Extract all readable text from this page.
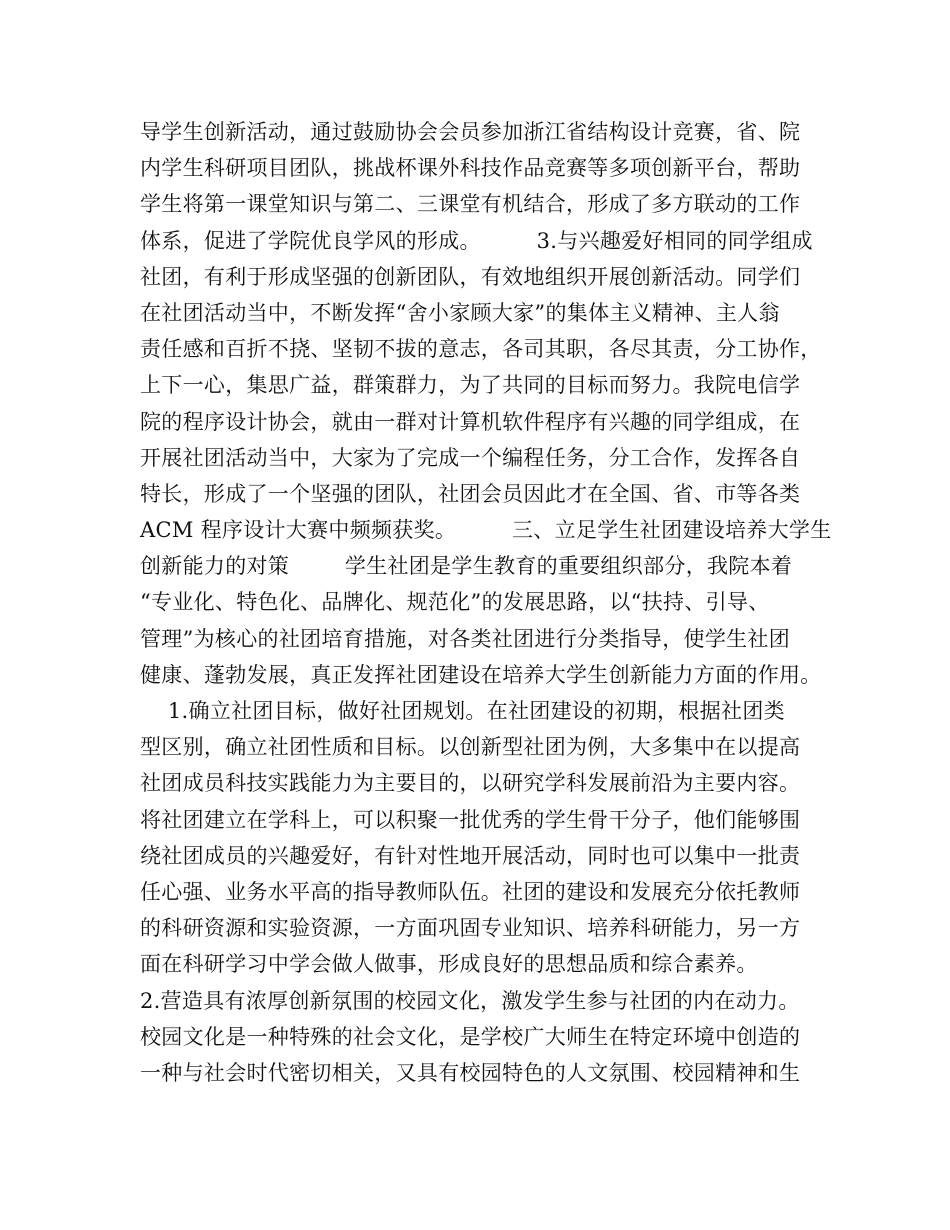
导学生创新活动，通过鼓励协会会员参加浙江省结构设计竞赛，省、院
内学生科研项目团队，挑战杯课外科技作品竞赛等多项创新平台，帮助
学生将第一课堂知识与第二、三课堂有机结合，形成了多方联动的工作
体系，促进了学院优良学风的形成。        3.与兴趣爱好相同的同学组成
社团，有利于形成坚强的创新团队，有效地组织开展创新活动。同学们
在社团活动当中，不断发挥“舍小家顾大家”的集体主义精神、主人翁
责任感和百折不挠、坚韧不拔的意志，各司其职，各尽其责，分工协作，
上下一心，集思广益，群策群力，为了共同的目标而努力。我院电信学
院的程序设计协会，就由一群对计算机软件程序有兴趣的同学组成，在
开展社团活动当中，大家为了完成一个编程任务，分工合作，发挥各自
特长，形成了一个坚强的团队，社团会员因此才在全国、省、市等各类
ACM 程序设计大赛中频频获奖。        三、立足学生社团建设培养大学生
创新能力的对策        学生社团是学生教育的重要组织部分，我院本着
“专业化、特色化、品牌化、规范化”的发展思路，以“扶持、引导、
管理”为核心的社团培育措施，对各类社团进行分类指导，使学生社团
健康、蓬勃发展，真正发挥社团建设在培养大学生创新能力方面的作用。
1.确立社团目标，做好社团规划。在社团建设的初期，根据社团类
型区别，确立社团性质和目标。以创新型社团为例，大多集中在以提高
社团成员科技实践能力为主要目的，以研究学科发展前沿为主要内容。
将社团建立在学科上，可以积聚一批优秀的学生骨干分子，他们能够围
绕社团成员的兴趣爱好，有针对性地开展活动，同时也可以集中一批责
任心强、业务水平高的指导教师队伍。社团的建设和发展充分依托教师
的科研资源和实验资源，一方面巩固专业知识、培养科研能力，另一方
面在科研学习中学会做人做事，形成良好的思想品质和综合素养。
2.营造具有浓厚创新氛围的校园文化，激发学生参与社团的内在动力。
校园文化是一种特殊的社会文化，是学校广大师生在特定环境中创造的
一种与社会时代密切相关，又具有校园特色的人文氛围、校园精神和生
